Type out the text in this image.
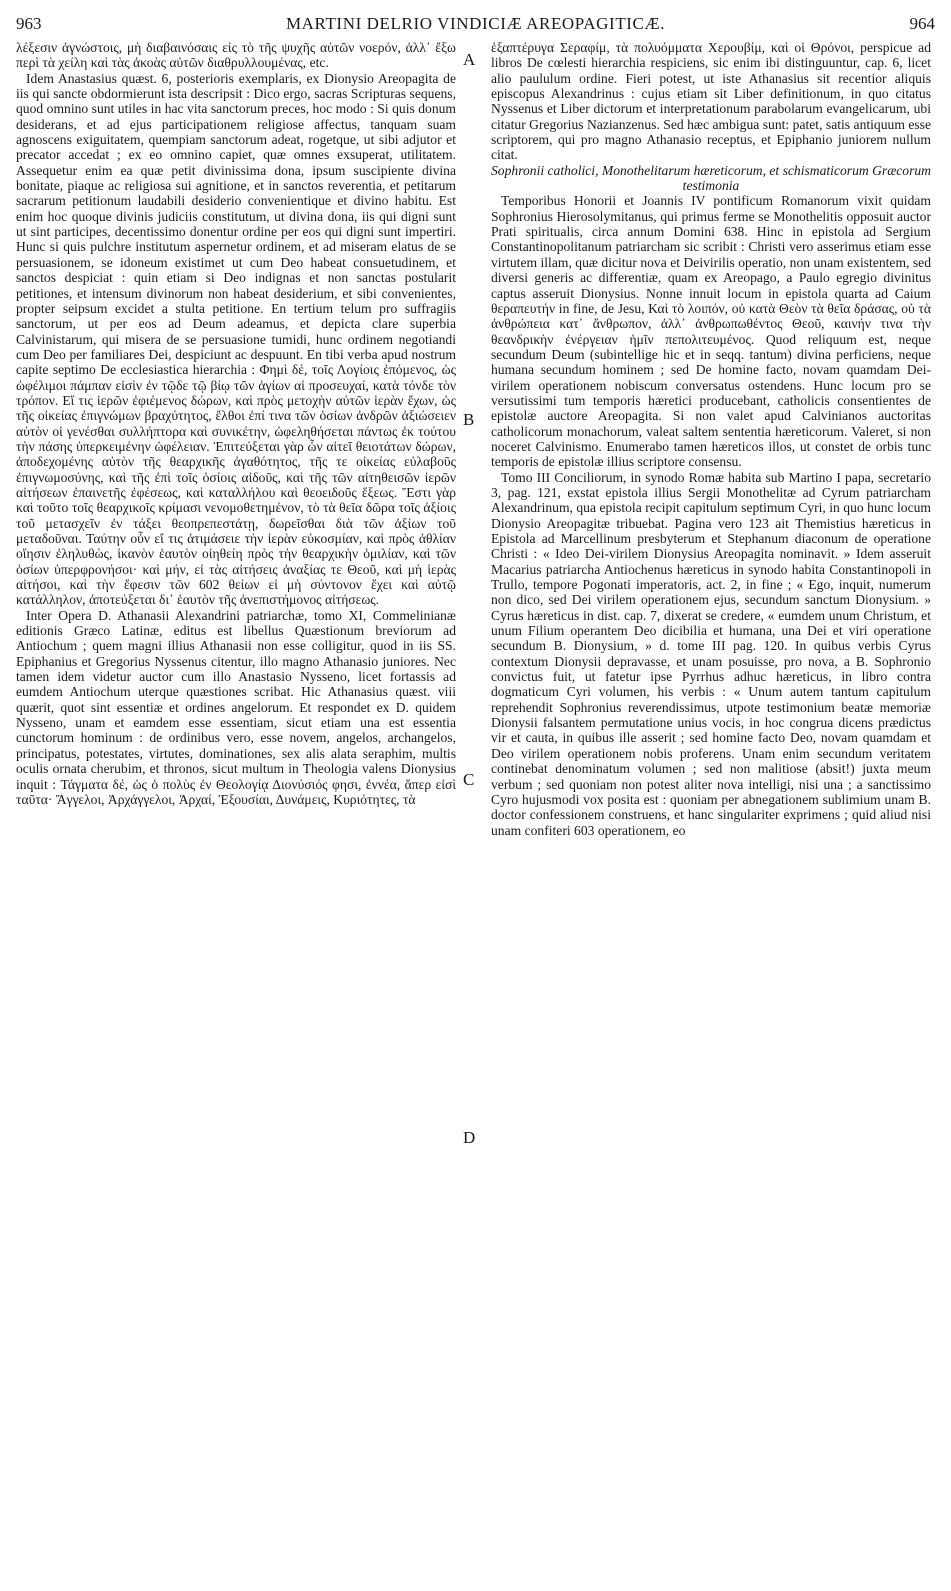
963	MARTINI DELRIO VINDICIÆ AREOPAGITICÆ.	964

λέξεσιν ἀγνώστοις, μὴ διαβαινόσαις εἰς τὸ τῆς ψυχῆς αὐτῶν νοερόν, ἀλλ᾽ ἔξω περὶ τὰ χείλη καὶ τὰς ἀκοὰς αὐτῶν διαθρυλλουμένας, etc.

Idem Anastasius quæst. 6, posterioris exemplaris, ex Dionysio Areopagita de iis qui sancte obdormierunt ista descripsit : Dico ergo, sacras Scripturas sequens, quod omnino sunt utiles in hac vita sanctorum preces, hoc modo : Si quis donum desiderans, et ad ejus participationem religiose affectus, tanquam suam agnoscens exiguitatem, quempiam sanctorum adeat, rogetque, ut sibi adjutor et precator accedat ; ex eo omnino capiet, quæ omnes exsuperat, utilitatem. Assequetur enim ea quæ petit divinissima dona, ipsum suscipiente divina bonitate, piaque ac religiosa sui agnitione, et in sanctos reverentia, et petitarum sacrarum petitionum laudabili desiderio convenientique et divino habitu. Est enim hoc quoque divinis judiciis constitutum, ut divina dona, iis qui digni sunt ut sint participes, decentissimo donentur ordine per eos qui digni sunt impertiri. Hunc si quis pulchre institutum aspernetur ordinem, et ad miseram elatus de se persuasionem, se idoneum existimet ut cum Deo habeat consuetudinem, et sanctos despiciat : quin etiam si Deo indignas et non sanctas postularit petitiones, et intensum divinorum non habeat desiderium, et sibi convenientes, propter seipsum excidet a stulta petitione. En tertium telum pro suffragiis sanctorum, ut per eos ad Deum adeamus, et depicta clare superbia Calvinistarum, qui misera de se persuasione tumidi, hunc ordinem negotiandi cum Deo per familiares Dei, despiciunt ac despuunt. En tibi verba apud nostrum capite septimo De ecclesiastica hierarchia : Φημὶ δέ, τοῖς Λογίοις ἑπόμενος, ὡς ὠφέλιμοι πάμπαν εἰσὶν ἐν τῷδε τῷ βίῳ τῶν ἁγίων αἱ προσευχαί, κατὰ τόνδε τὸν τρόπον. Εἴ τις ἱερῶν ἐφιέμενος δώρων, καὶ πρὸς μετοχὴν αὐτῶν ἱερὰν ἔχων, ὡς τῆς οἰκείας ἐπιγνώμων βραχύτητος, ἔλθοι ἐπί τινα τῶν ὁσίων ἀνδρῶν ἀξιώσειεν αὐτὸν οἱ γενέσθαι συλλήπτορα καὶ συνικέτην, ὠφεληθήσεται πάντως ἐκ τούτου τὴν πάσης ὑπερκειμένην ὠφέλειαν. Ἐπιτεύξεται γὰρ ὧν αἰτεῖ θειοτάτων δώρων, ἀποδεχομένης αὐτὸν τῆς θεαρχικῆς ἀγαθότητος, τῆς τε οἰκείας εὐλαβοῦς ἐπιγνωμοσύνης, καὶ τῆς ἐπὶ τοῖς ὁσίοις αἰδοῦς, καὶ τῆς τῶν αἰτηθεισῶν ἱερῶν αἰτήσεων ἐπαινετῆς ἐφέσεως, καὶ καταλλήλου καὶ θεοειδοῦς ἕξεως. Ἔστι γὰρ καὶ τοῦτο τοῖς θεαρχικοῖς κρίμασι νενομοθετημένον, τὸ τὰ θεῖα δῶρα τοῖς ἀξίοις τοῦ μετασχεῖν ἐν τάξει θεοπρεπεστάτῃ, δωρεῖσθαι διὰ τῶν ἀξίων τοῦ μεταδοῦναι. Ταύτην οὖν εἴ τις ἀτιμάσειε τὴν ἱερὰν εὐκοσμίαν, καὶ πρὸς ἀθλίαν οἴησιν ἐληλυθὼς, ἱκανὸν ἑαυτὸν οἰηθείη πρὸς τὴν θεαρχικὴν ὁμιλίαν, καὶ τῶν ὁσίων ὑπερφρονήσοι· καὶ μήν, εἰ τὰς αἰτήσεις ἀναξίας τε Θεοῦ, καὶ μὴ ἱερὰς αἰτήσοι, καὶ τὴν ἔφεσιν τῶν 602 θείων εἰ μὴ σύντονον ἔχει καὶ αὐτῷ κατάλληλον, ἀποτεύξεται δι᾽ ἑαυτὸν τῆς ἀνεπιστήμονος αἰτήσεως.

Inter Opera D. Athanasii Alexandrini patriarchæ, tomo XI, Commelinianæ editionis Græco Latinæ, editus est libellus Quæstionum breviorum ad Antiochum ; quem magni illius Athanasii non esse colligitur, quod in iis SS. Epiphanius et Gregorius Nyssenus citentur, illo magno Athanasio juniores. Nec tamen idem videtur auctor cum illo Anastasio Nysseno, licet fortassis ad eumdem Antiochum uterque quæstiones scribat. Hic Athanasius quæst. viii quærit, quot sint essentiæ et ordines angelorum. Et respondet ex D. quidem Nysseno, unam et eamdem esse essentiam, sicut etiam una est essentia cunctorum hominum : de ordinibus vero, esse novem, angelos, archangelos, principatus, potestates, virtutes, dominationes, sex alis alata seraphim, multis oculis ornata cherubim, et thronos, sicut multum in Theologia valens Dionysius inquit : Τάγματα δέ, ὡς ὁ πολὺς ἐν Θεολογίᾳ Διονύσιός φησι, ἐννέα, ἅπερ εἰσὶ ταῦτα· Ἄγγελοι, Ἀρχάγγελοι, Ἀρχαί, Ἐξουσίαι, Δυνάμεις, Κυριότητες, τὰ

A
B
C
D

ἑξαπτέρυγα Σεραφίμ, τὰ πολυόμματα Χερουβίμ, καὶ οἱ Θρόνοι, perspicue ad libros De cœlesti hierarchia respiciens, sic enim ibi distinguuntur, cap. 6, licet alio paululum ordine. Fieri potest, ut iste Athanasius sit recentior aliquis episcopus Alexandrinus : cujus etiam sit Liber definitionum, in quo citatus Nyssenus et Liber dictorum et interpretationum parabolarum evangelicarum, ubi citatur Gregorius Nazianzenus. Sed hæc ambigua sunt: patet, satis antiquum esse scriptorem, qui pro magno Athanasio receptus, et Epiphanio juniorem nullum citat.

Sophronii catholici, Monothelitarum hæreticorum, et schismaticorum Græcorum testimonia

Temporibus Honorii et Joannis IV pontificum Romanorum vixit quidam Sophronius Hierosolymitanus, qui primus ferme se Monothelitis opposuit auctor Prati spiritualis, circa annum Domini 638. Hinc in epistola ad Sergium Constantinopolitanum patriarcham sic scribit : Christi vero asserimus etiam esse virtutem illam, quæ dicitur nova et Deivirilis operatio, non unam existentem, sed diversi generis ac differentiæ, quam ex Areopago, a Paulo egregio divinitus captus asseruit Dionysius. Nonne innuit locum in epistola quarta ad Caium θεραπευτήν in fine, de Jesu, Καὶ τὸ λοιπόν, οὐ κατὰ Θεὸν τὰ θεῖα δράσας, οὐ τὰ ἀνθρώπεια κατ᾽ ἄνθρωπον, ἀλλ᾽ ἀνθρωπωθέντος Θεοῦ, καινήν τινα τὴν θεανδρικὴν ἐνέργειαν ἡμῖν πεπολιτευμένος. Quod reliquum est, neque secundum Deum (subintellige hic et in seqq. tantum) divina perficiens, neque humana secundum hominem ; sed De homine facto, novam quamdam Dei-virilem operationem nobiscum conversatus ostendens. Hunc locum pro se versutissimi tum temporis hæretici producebant, catholicis consentientes de epistolæ auctore Areopagita. Si non valet apud Calvinianos auctoritas catholicorum monachorum, valeat saltem sententia hæreticorum. Valeret, si non noceret Calvinismo. Enumerabo tamen hæreticos illos, ut constet de orbis tunc temporis de epistolæ illius scriptore consensu.

Tomo III Conciliorum, in synodo Romæ habita sub Martino I papa, secretario 3, pag. 121, exstat epistola illius Sergii Monothelitæ ad Cyrum patriarcham Alexandrinum, qua epistola recipit capitulum septimum Cyri, in quo hunc locum Dionysio Areopagitæ tribuebat. Pagina vero 123 ait Themistius hæreticus in Epistola ad Marcellinum presbyterum et Stephanum diaconum de operatione Christi : « Ideo Dei-virilem Dionysius Areopagita nominavit. » Idem asseruit Macarius patriarcha Antiochenus hæreticus in synodo habita Constantinopoli in Trullo, tempore Pogonati imperatoris, act. 2, in fine ; « Ego, inquit, numerum non dico, sed Dei virilem operationem ejus, secundum sanctum Dionysium. » Cyrus hæreticus in dist. cap. 7, dixerat se credere, « eumdem unum Christum, et unum Filium operantem Deo dicibilia et humana, una Dei et viri operatione secundum B. Dionysium, » d. tome III pag. 120. In quibus verbis Cyrus contextum Dionysii depravasse, et unam posuisse, pro nova, a B. Sophronio convictus fuit, ut fatetur ipse Pyrrhus adhuc hæreticus, in libro contra dogmaticum Cyri volumen, his verbis : « Unum autem tantum capitulum reprehendit Sophronius reverendissimus, utpote testimonium beatæ memoriæ Dionysii falsantem permutatione unius vocis, in hoc congrua dicens prædictus vir et cauta, in quibus ille asserit ; sed homine facto Deo, novam quamdam et Deo virilem operationem nobis proferens. Unam enim secundum veritatem continebat denominatum volumen ; sed non malitiose (absit!) juxta meum verbum ; sed quoniam non potest aliter nova intelligi, nisi una ; a sanctissimo Cyro hujusmodi vox posita est : quoniam per abnegationem sublimium unam B. doctor confessionem construens, et hanc singulariter exprimens ; quid aliud nisi unam confiteri 603 operationem, eo
